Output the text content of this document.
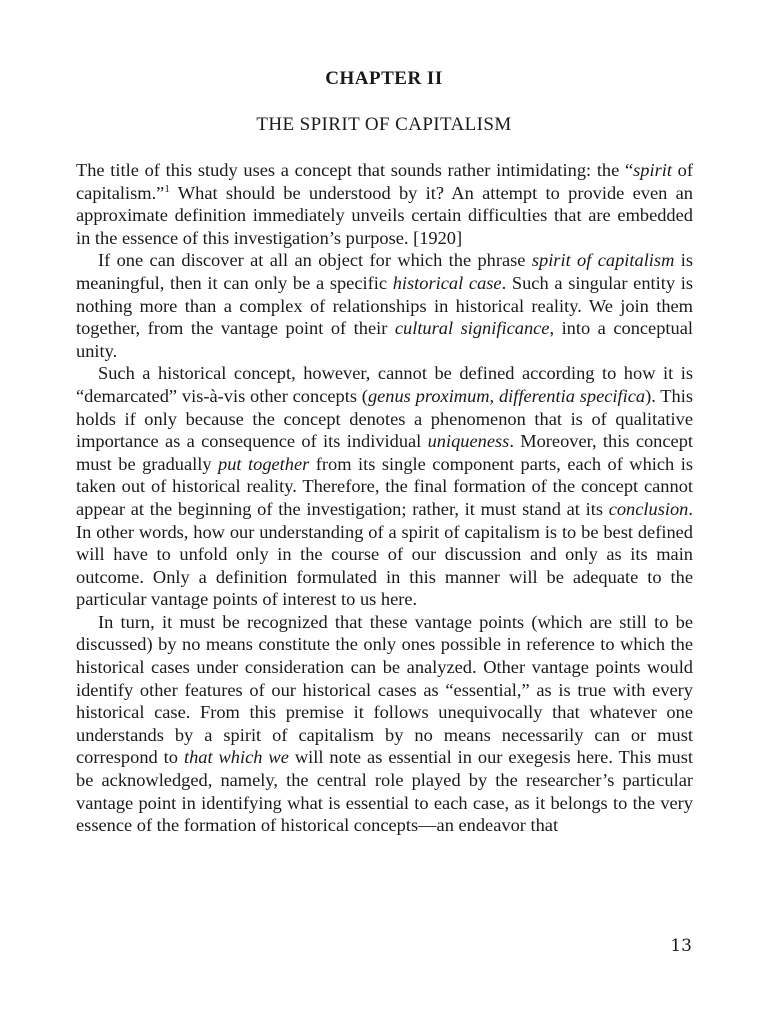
CHAPTER II
THE SPIRIT OF CAPITALISM

The title of this study uses a concept that sounds rather intimidating: the “spirit of capitalism.”$^1$ What should be understood by it? An attempt to provide even an approximate definition immediately unveils certain difficulties that are embedded in the essence of this investigation’s purpose. [1920]

If one can discover at all an object for which the phrase spirit of capitalism is meaningful, then it can only be a specific historical case. Such a singular entity is nothing more than a complex of relationships in historical reality. We join them together, from the vantage point of their cultural significance, into a conceptual unity.

Such a historical concept, however, cannot be defined according to how it is “demarcated” vis-à-vis other concepts (genus proximum, differentia specifica). This holds if only because the concept denotes a phenomenon that is of qualitative importance as a consequence of its individual uniqueness. Moreover, this concept must be gradually put together from its single component parts, each of which is taken out of historical reality. Therefore, the final formation of the concept cannot appear at the beginning of the investigation; rather, it must stand at its conclusion. In other words, how our understanding of a spirit of capitalism is to be best defined will have to unfold only in the course of our discussion and only as its main outcome. Only a definition formulated in this manner will be adequate to the particular vantage points of interest to us here.

In turn, it must be recognized that these vantage points (which are still to be discussed) by no means constitute the only ones possible in reference to which the historical cases under consideration can be analyzed. Other vantage points would identify other features of our historical cases as “essential,” as is true with every historical case. From this premise it follows unequivocally that whatever one understands by a spirit of capitalism by no means necessarily can or must correspond to that which we will note as essential in our exegesis here. This must be acknowledged, namely, the central role played by the researcher’s particular vantage point in identifying what is essential to each case, as it belongs to the very essence of the formation of historical concepts—an endeavor that

13
